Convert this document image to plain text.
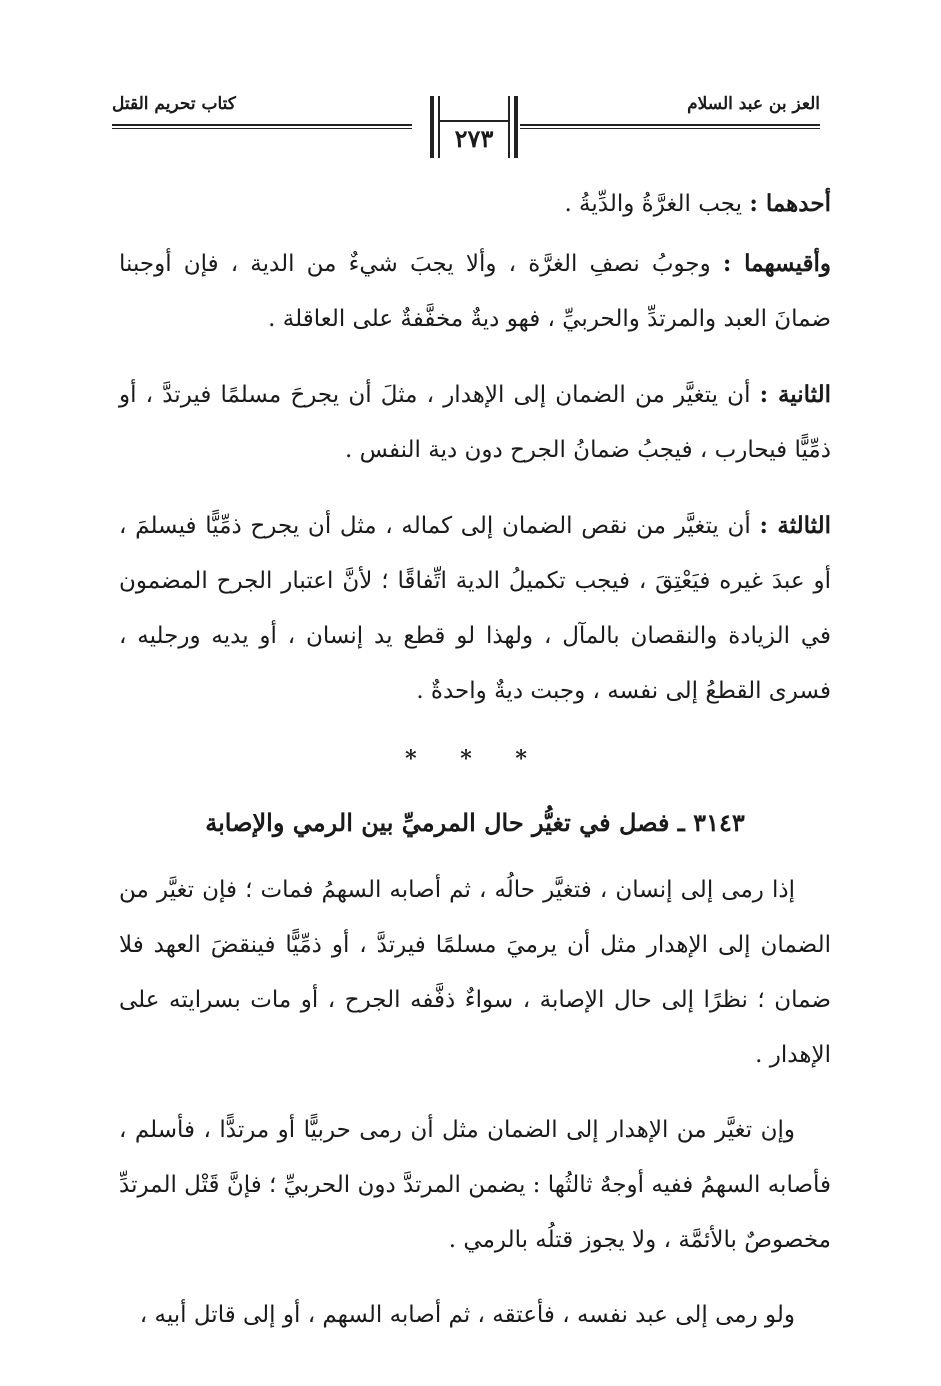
العز بن عبد السلام
كتاب تحريم القتل
٢٧٣

أحدهما : يجب الغرَّةُ والدِّيةُ .

وأقيسهما : وجوبُ نصفِ الغرَّة ، وألا يجبَ شيءٌ من الدية ، فإن أوجبنا ضمانَ العبد والمرتدِّ والحربيِّ ، فهو ديةٌ مخفَّفةٌ على العاقلة .

الثانية : أن يتغيَّر من الضمان إلى الإهدار ، مثلَ أن يجرحَ مسلمًا فيرتدَّ ، أو ذمِّيًّا فيحارب ، فيجبُ ضمانُ الجرح دون دية النفس .

الثالثة : أن يتغيَّر من نقص الضمان إلى كماله ، مثل أن يجرح ذمِّيًّا فيسلمَ ، أو عبدَ غيره فيَعْتِقَ ، فيجب تكميلُ الدية اتِّفاقًا ؛ لأنَّ اعتبار الجرح المضمون في الزيادة والنقصان بالمآل ، ولهذا لو قطع يد إنسان ، أو يديه ورجليه ، فسرى القطعُ إلى نفسه ، وجبت ديةٌ واحدةٌ .

* * *
٣١٤٣ ـ فصل في تغيُّر حال المرميِّ بين الرمي والإصابة

إذا رمى إلى إنسان ، فتغيَّر حالُه ، ثم أصابه السهمُ فمات ؛ فإن تغيَّر من الضمان إلى الإهدار مثل أن يرميَ مسلمًا فيرتدَّ ، أو ذمِّيًّا فينقضَ العهد فلا ضمان ؛ نظرًا إلى حال الإصابة ، سواءٌ ذفَّفه الجرح ، أو مات بسرايته على الإهدار .

وإن تغيَّر من الإهدار إلى الضمان مثل أن رمى حربيًّا أو مرتدًّا ، فأسلم ، فأصابه السهمُ ففيه أوجهٌ ثالثُها : يضمن المرتدَّ دون الحربيِّ ؛ فإنَّ قَتْل المرتدِّ مخصوصٌ بالأئمَّة ، ولا يجوز قتلُه بالرمي .

ولو رمى إلى عبد نفسه ، فأعتقه ، ثم أصابه السهم ، أو إلى قاتل أبيه ،
